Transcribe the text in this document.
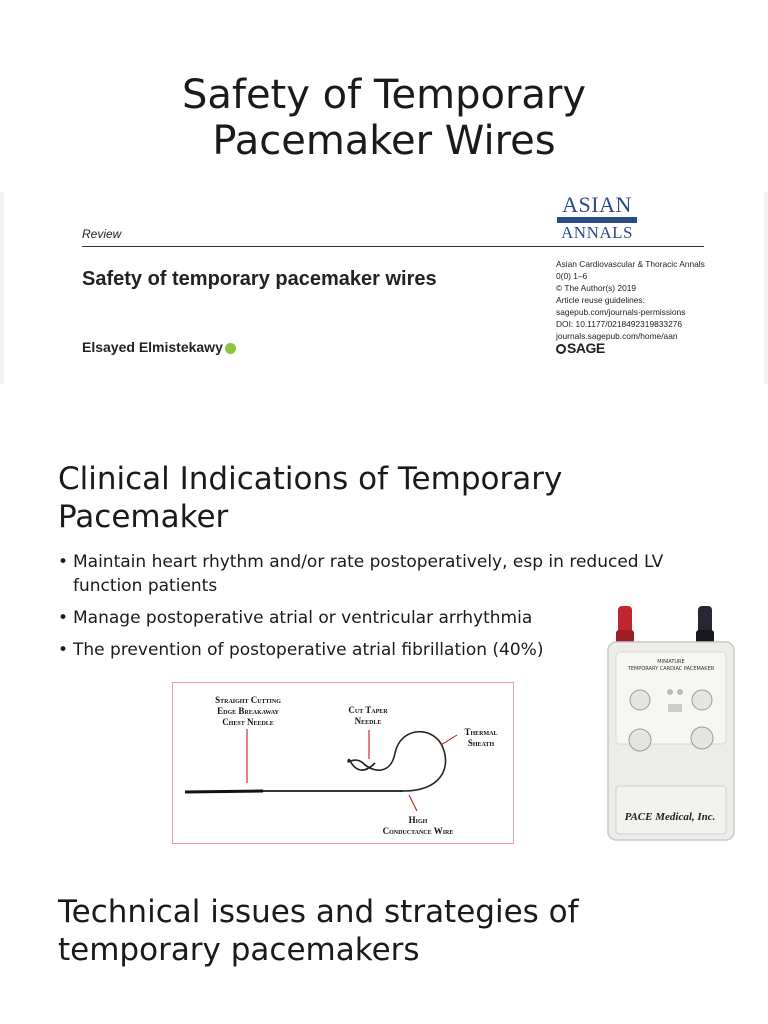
Safety of Temporary
Pacemaker Wires
Review
Safety of temporary pacemaker wires
Elsayed Elmistekawy
ASIAN
ANNALS
Asian Cardiovascular & Thoracic Annals
0(0) 1–6
© The Author(s) 2019
Article reuse guidelines:
sagepub.com/journals-permissions
DOI: 10.1177/0218492319833276
journals.sagepub.com/home/aan
SAGE
Clinical Indications of Temporary
Pacemaker
• Maintain heart rhythm and/or rate postoperatively, esp in reduced LV function patients
• Manage postoperative atrial or ventricular arrhythmia
• The prevention of postoperative atrial fibrillation (40%)
Straight Cutting
Edge Breakaway
Chest Needle
Cut Taper
Needle
Thermal
Sheath
High
Conductance Wire
MINIATURE
TEMPORARY CARDIAC PACEMAKER
PACE Medical, Inc.
Technical issues and strategies of
temporary pacemakers
